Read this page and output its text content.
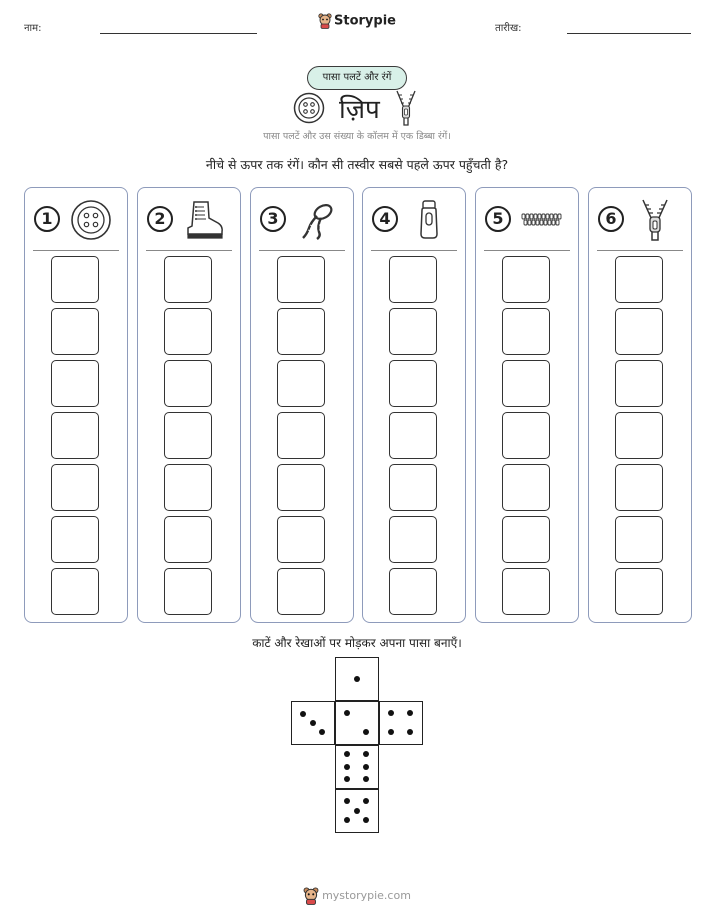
नाम:	Storypie	तारीख:
पासा पलटें और रंगें
ज़िप
पासा पलटें और उस संख्या के कॉलम में एक डिब्बा रंगें।
नीचे से ऊपर तक रंगें। कौन सी तस्वीर सबसे पहले ऊपर पहुँचती है?
1	2	3	4	5	6
काटें और रेखाओं पर मोड़कर अपना पासा बनाएँ।
mystorypie.com
